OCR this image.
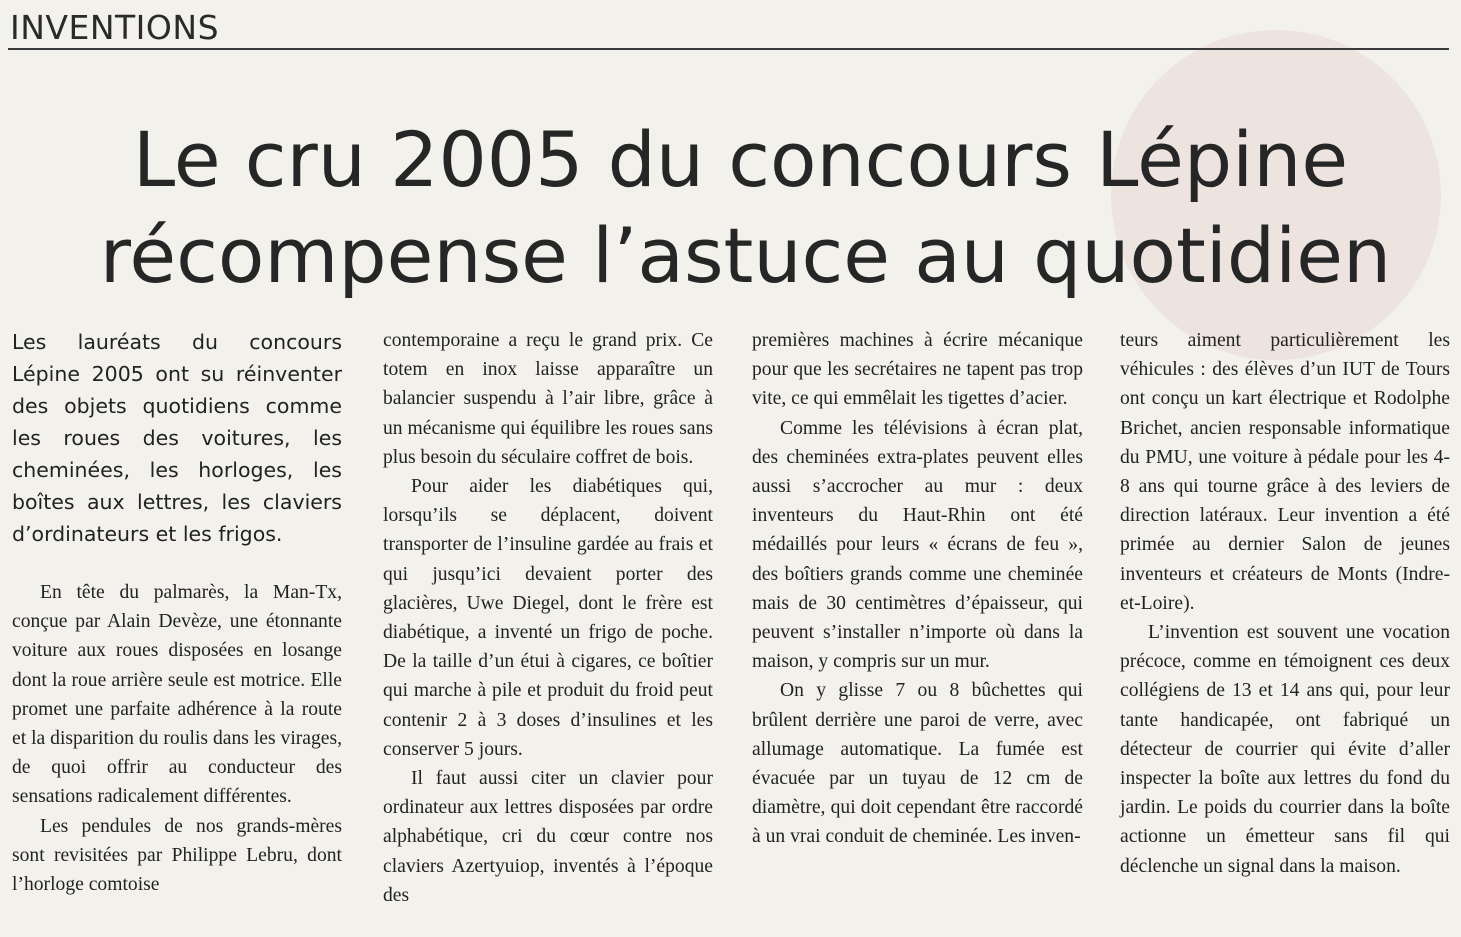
INVENTIONS
Le cru 2005 du concours Lépine
récompense l’astuce au quotidien

Les lauréats du concours Lépine 2005 ont su réinventer des objets quotidiens comme les roues des voitures, les cheminées, les horloges, les boîtes aux lettres, les claviers d’ordinateurs et les frigos.

En tête du palmarès, la Man-Tx, conçue par Alain Devèze, une étonnante voiture aux roues disposées en losange dont la roue arrière seule est motrice. Elle promet une parfaite adhérence à la route et la disparition du roulis dans les virages, de quoi offrir au conducteur des sensations radicalement différentes.

Les pendules de nos grands-mères sont revisitées par Philippe Lebru, dont l’horloge comtoise

contemporaine a reçu le grand prix. Ce totem en inox laisse apparaître un balancier suspendu à l’air libre, grâce à un mécanisme qui équilibre les roues sans plus besoin du séculaire coffret de bois.

Pour aider les diabétiques qui, lorsqu’ils se déplacent, doivent transporter de l’insuline gardée au frais et qui jusqu’ici devaient porter des glacières, Uwe Diegel, dont le frère est diabétique, a inventé un frigo de poche. De la taille d’un étui à cigares, ce boîtier qui marche à pile et produit du froid peut contenir 2 à 3 doses d’insulines et les conserver 5 jours.

Il faut aussi citer un clavier pour ordinateur aux lettres disposées par ordre alphabétique, cri du cœur contre nos claviers Azertyuiop, inventés à l’époque des

premières machines à écrire mécanique pour que les secrétaires ne tapent pas trop vite, ce qui emmêlait les tigettes d’acier.

Comme les télévisions à écran plat, des cheminées extra-plates peuvent elles aussi s’accrocher au mur : deux inventeurs du Haut-Rhin ont été médaillés pour leurs « écrans de feu », des boîtiers grands comme une cheminée mais de 30 centimètres d’épaisseur, qui peuvent s’installer n’importe où dans la maison, y compris sur un mur.

On y glisse 7 ou 8 bûchettes qui brûlent derrière une paroi de verre, avec allumage automatique. La fumée est évacuée par un tuyau de 12 cm de diamètre, qui doit cependant être raccordé à un vrai conduit de cheminée. Les inven-

teurs aiment particulièrement les véhicules : des élèves d’un IUT de Tours ont conçu un kart électrique et Rodolphe Brichet, ancien responsable informatique du PMU, une voiture à pédale pour les 4-8 ans qui tourne grâce à des leviers de direction latéraux. Leur invention a été primée au dernier Salon de jeunes inventeurs et créateurs de Monts (Indre-et-Loire).

L’invention est souvent une vocation précoce, comme en témoignent ces deux collégiens de 13 et 14 ans qui, pour leur tante handicapée, ont fabriqué un détecteur de courrier qui évite d’aller inspecter la boîte aux lettres du fond du jardin. Le poids du courrier dans la boîte actionne un émetteur sans fil qui déclenche un signal dans la maison.
